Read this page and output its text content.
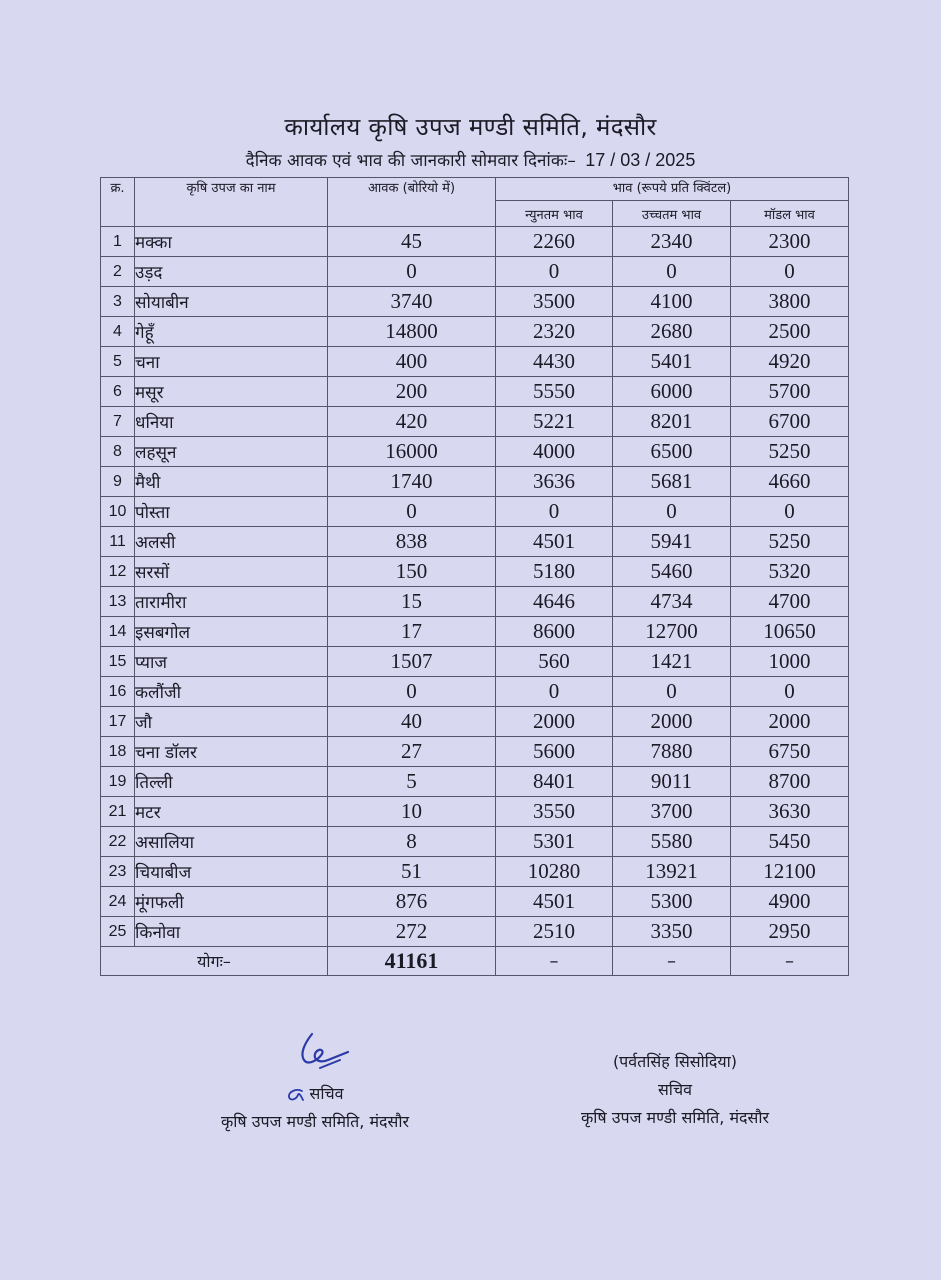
कार्यालय कृषि उपज मण्डी समिति, मंदसौर
दैनिक आवक एवं भाव की जानकारी सोमवार दिनांकः– 17 / 03 / 2025
क्र.	कृषि उपज का नाम	आवक (बोरियो में)	भाव (रूपये प्रति क्विंटल)		
			न्युनतम भाव	उच्चतम भाव	मॉडल भाव
1	मक्का	45	2260	2340	2300
2	उड़द	0	0	0	0
3	सोयाबीन	3740	3500	4100	3800
4	गेहूँ	14800	2320	2680	2500
5	चना	400	4430	5401	4920
6	मसूर	200	5550	6000	5700
7	धनिया	420	5221	8201	6700
8	लहसून	16000	4000	6500	5250
9	मैथी	1740	3636	5681	4660
10	पोस्ता	0	0	0	0
11	अलसी	838	4501	5941	5250
12	सरसों	150	5180	5460	5320
13	तारामीरा	15	4646	4734	4700
14	इसबगोल	17	8600	12700	10650
15	प्याज	1507	560	1421	1000
16	कलौंजी	0	0	0	0
17	जौ	40	2000	2000	2000
18	चना डॉलर	27	5600	7880	6750
19	तिल्ली	5	8401	9011	8700
21	मटर	10	3550	3700	3630
22	असालिया	8	5301	5580	5450
23	चियाबीज	51	10280	13921	12100
24	मूंगफली	876	4501	5300	4900
25	किनोवा	272	2510	3350	2950
योगः–		41161	–	–	–
सचिव
कृषि उपज मण्डी समिति, मंदसौर
(पर्वतसिंह सिसोदिया)
सचिव
कृषि उपज मण्डी समिति, मंदसौर
